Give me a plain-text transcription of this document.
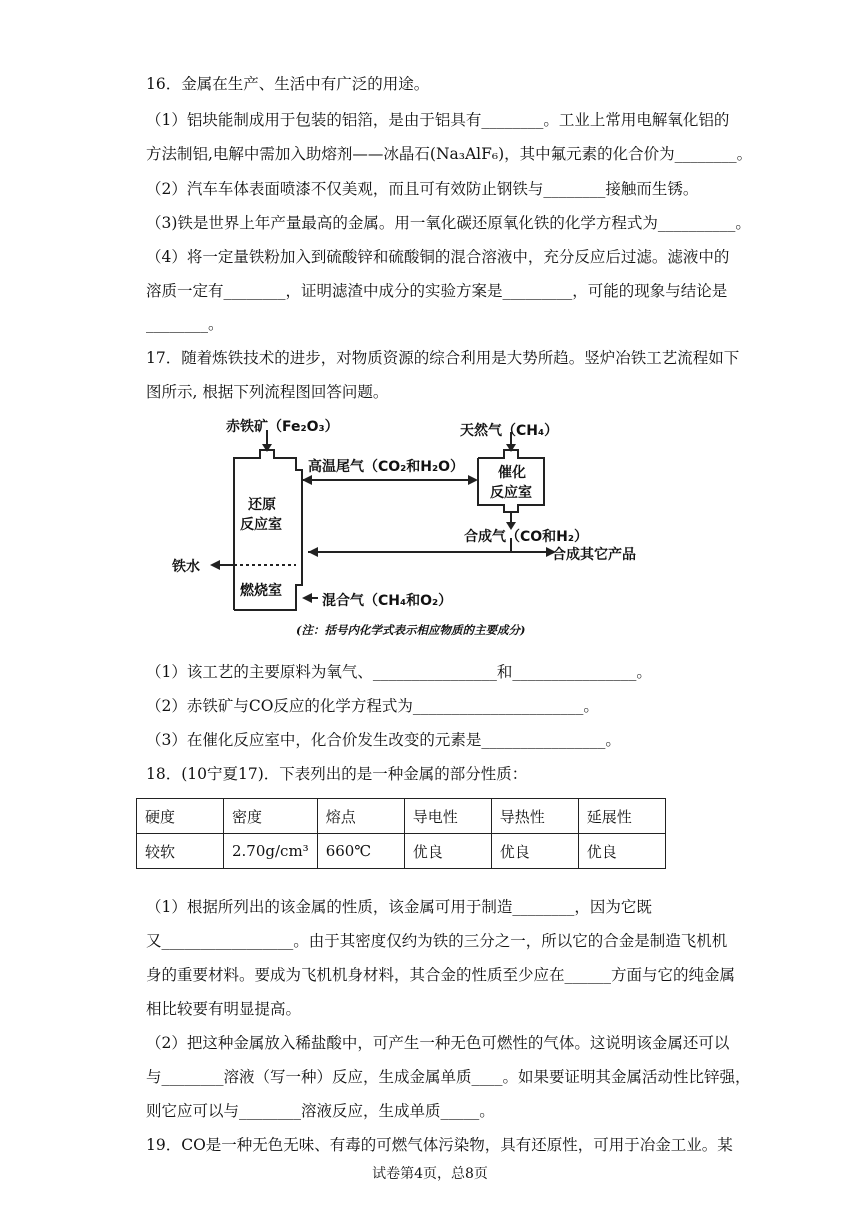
16．金属在生产、生活中有广泛的用途。
（1）铝块能制成用于包装的铝箔，是由于铝具有________。工业上常用电解氧化铝的
方法制铝,电解中需加入助熔剂——冰晶石(Na₃AlF₆)，其中氟元素的化合价为________。
（2）汽车车体表面喷漆不仅美观，而且可有效防止钢铁与________接触而生锈。
（3)铁是世界上年产量最高的金属。用一氧化碳还原氧化铁的化学方程式为__________。
（4）将一定量铁粉加入到硫酸锌和硫酸铜的混合溶液中，充分反应后过滤。滤液中的
溶质一定有________，证明滤渣中成分的实验方案是_________，可能的现象与结论是
________。
17．随着炼铁技术的进步，对物质资源的综合利用是大势所趋。竖炉冶铁工艺流程如下
图所示, 根据下列流程图回答问题。
赤铁矿（Fe₂O₃）	天然气（CH₄）
高温尾气（CO₂和H₂O）
还原
反应室
催化
反应室
合成气（CO和H₂）
合成其它产品
铁水
燃烧室
混合气（CH₄和O₂）
(注：括号内化学式表示相应物质的主要成分)
（1）该工艺的主要原料为氧气、________________和________________。
（2）赤铁矿与CO反应的化学方程式为______________________。
（3）在催化反应室中，化合价发生改变的元素是________________。
18．(10宁夏17)．下表列出的是一种金属的部分性质：
硬度	密度	熔点	导电性	导热性	延展性
较软	2.70g/cm³	660℃	优良	优良	优良
（1）根据所列出的该金属的性质，该金属可用于制造________，因为它既
又_________________。由于其密度仅约为铁的三分之一，所以它的合金是制造飞机机
身的重要材料。要成为飞机机身材料，其合金的性质至少应在______方面与它的纯金属
相比较要有明显提高。
（2）把这种金属放入稀盐酸中，可产生一种无色可燃性的气体。这说明该金属还可以
与________溶液（写一种）反应，生成金属单质____。如果要证明其金属活动性比锌强，
则它应可以与________溶液反应，生成单质_____。
19．CO是一种无色无味、有毒的可燃气体污染物，具有还原性，可用于冶金工业。某
试卷第4页，总8页
